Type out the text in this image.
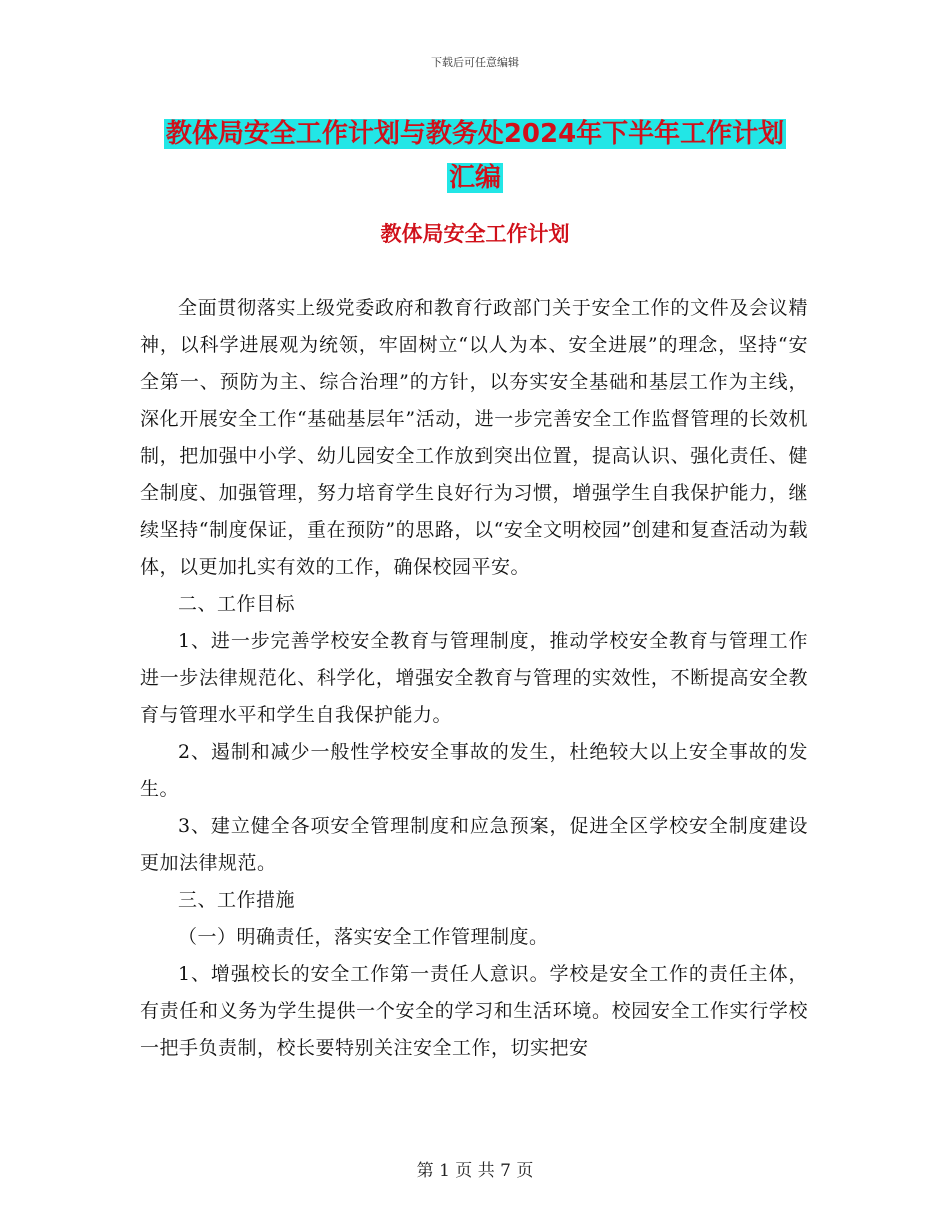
下载后可任意编辑
教体局安全工作计划与教务处2024年下半年工作计划
汇编
教体局安全工作计划

全面贯彻落实上级党委政府和教育行政部门关于安全工作的文件及会议精神，以科学进展观为统领，牢固树立“以人为本、安全进展”的理念，坚持“安全第一、预防为主、综合治理”的方针，以夯实安全基础和基层工作为主线，深化开展安全工作“基础基层年”活动，进一步完善安全工作监督管理的长效机制，把加强中小学、幼儿园安全工作放到突出位置，提高认识、强化责任、健全制度、加强管理，努力培育学生良好行为习惯，增强学生自我保护能力，继续坚持“制度保证，重在预防”的思路，以“安全文明校园”创建和复查活动为载体，以更加扎实有效的工作，确保校园平安。

二、工作目标

1、进一步完善学校安全教育与管理制度，推动学校安全教育与管理工作进一步法律规范化、科学化，增强安全教育与管理的实效性，不断提高安全教育与管理水平和学生自我保护能力。

2、遏制和减少一般性学校安全事故的发生，杜绝较大以上安全事故的发生。

3、建立健全各项安全管理制度和应急预案，促进全区学校安全制度建设更加法律规范。

三、工作措施

（一）明确责任，落实安全工作管理制度。

1、增强校长的安全工作第一责任人意识。学校是安全工作的责任主体，有责任和义务为学生提供一个安全的学习和生活环境。校园安全工作实行学校一把手负责制，校长要特别关注安全工作，切实把安

第 1 页 共 7 页
